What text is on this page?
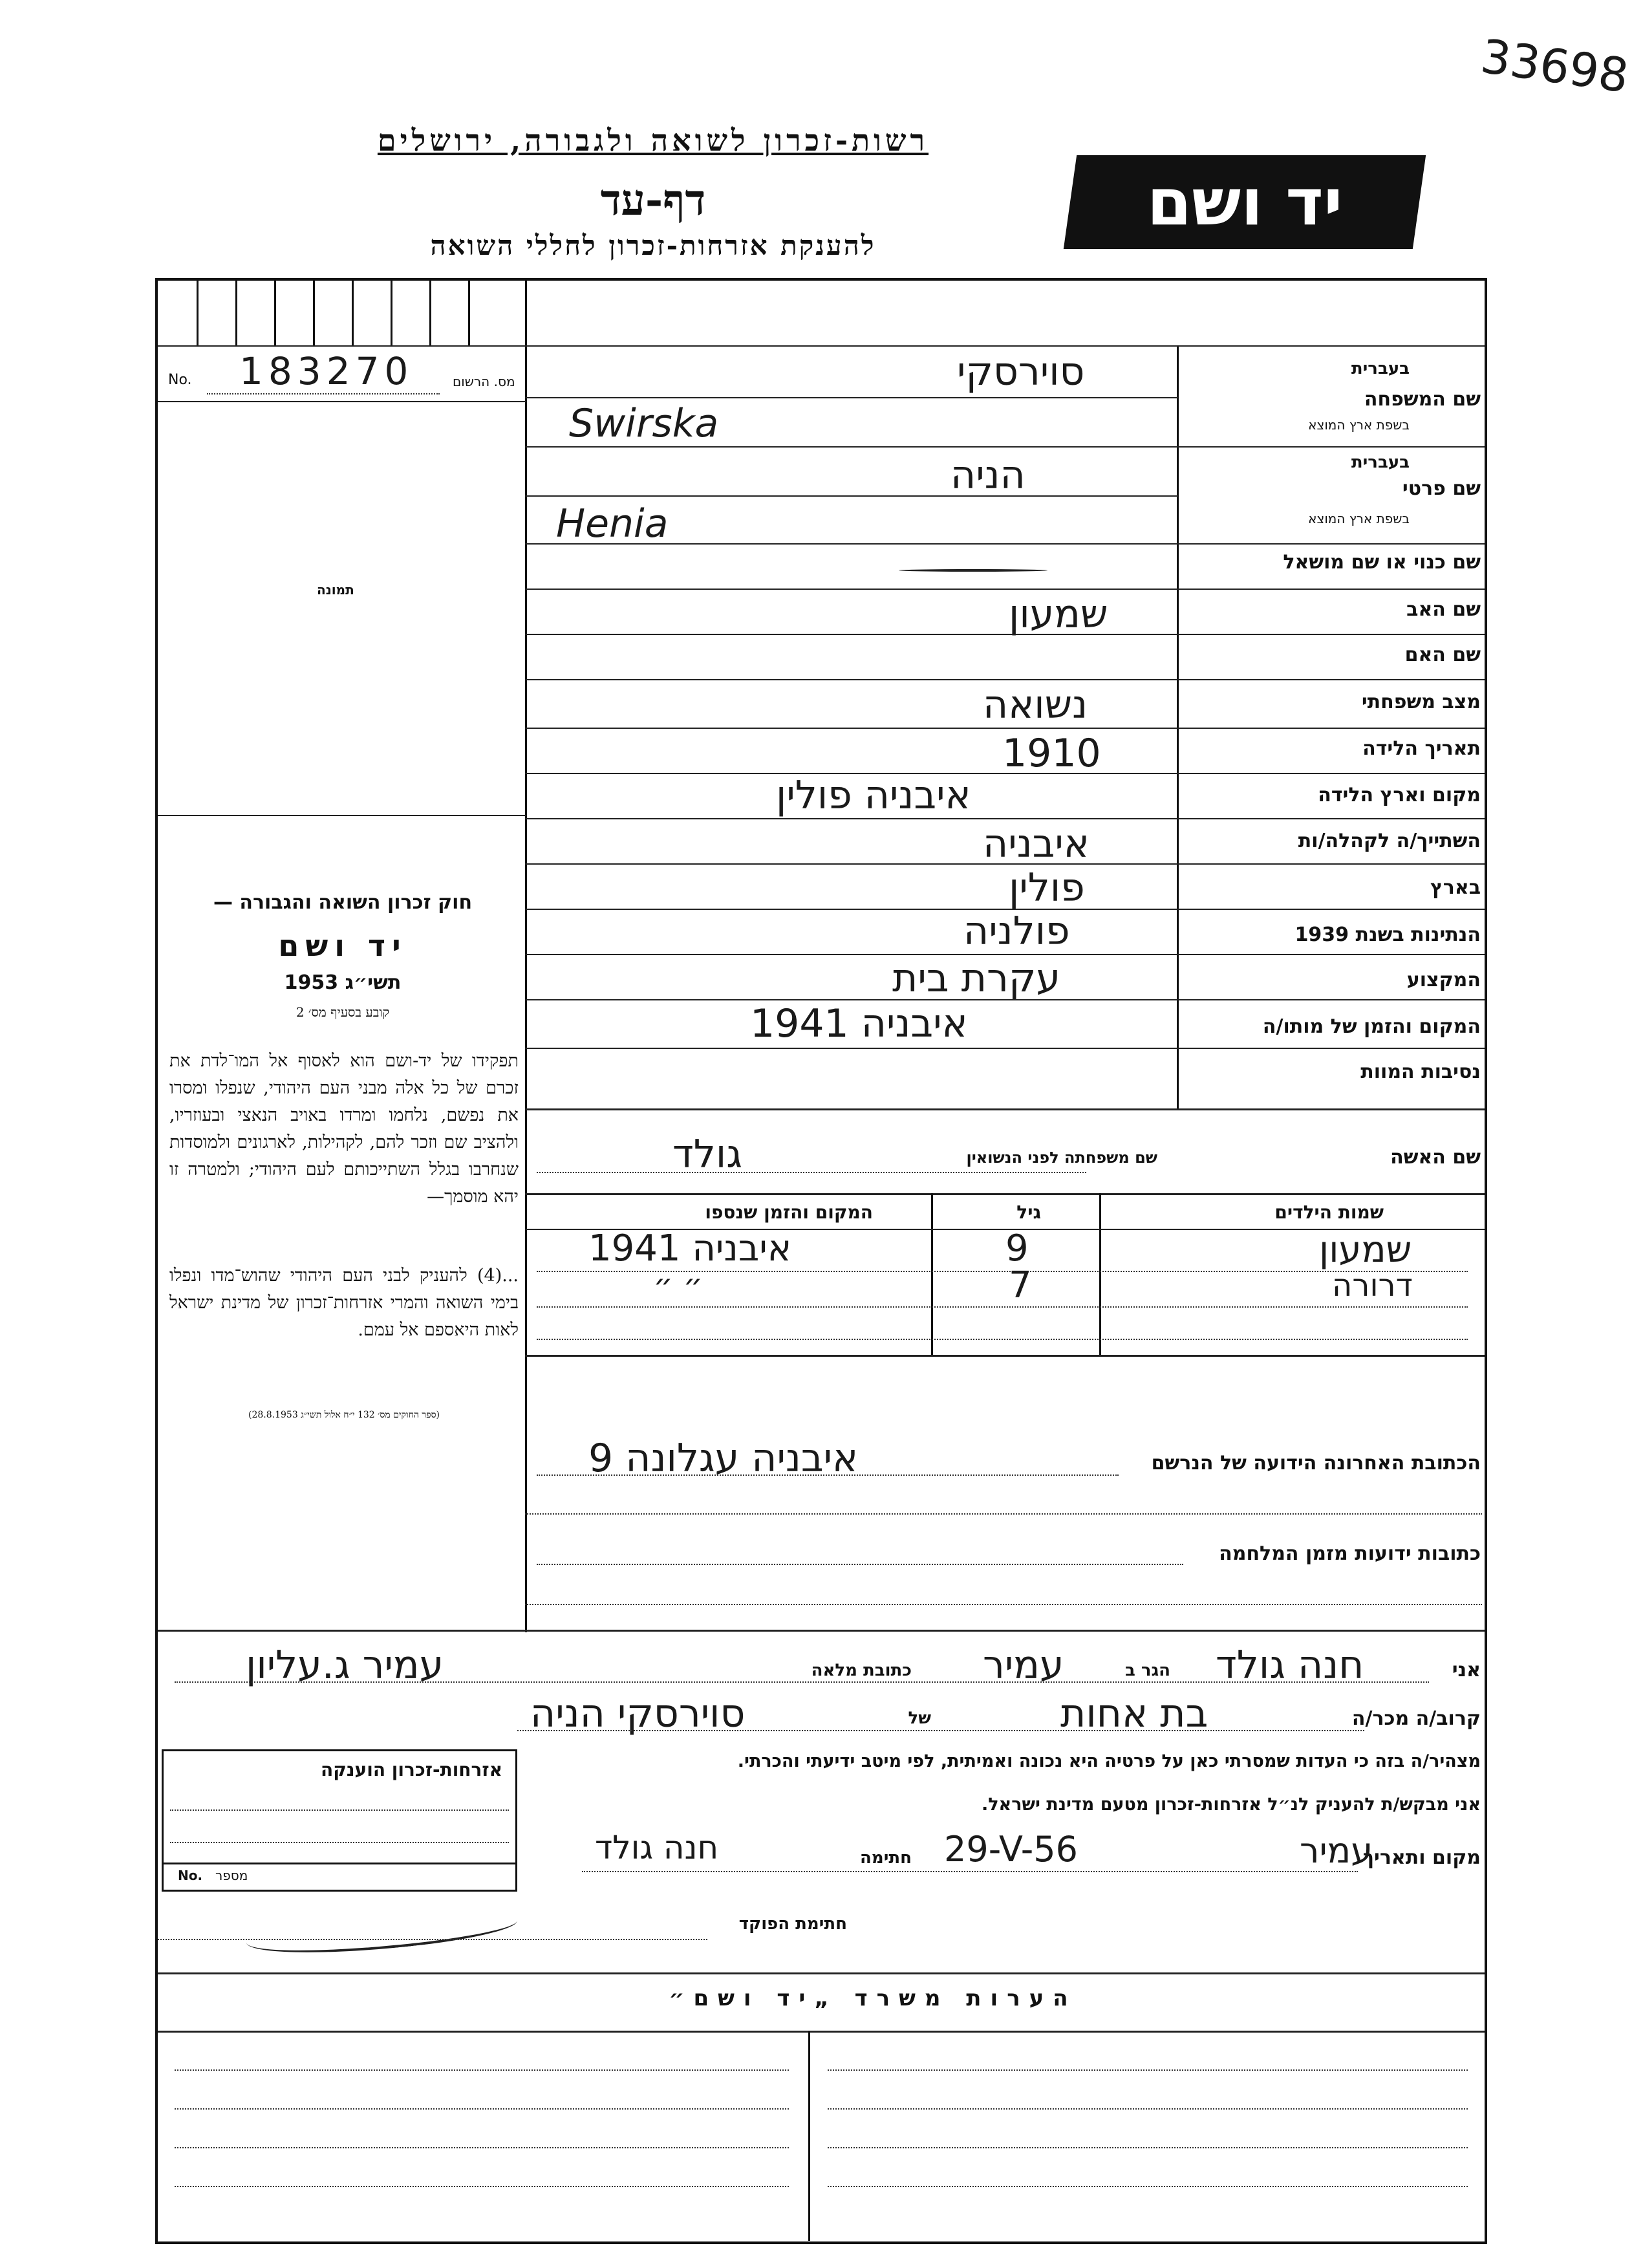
33698
רשות-זכרון לשואה ולגבורה, ירושלים
דף-עד
להענקת אזרחות-זכרון לחללי השואה
יד ושם
מס. הרשום
No. 183270
תמונה
שם המשפחה
בעברית
בשפת ארץ המוצא
סוירסקי
Swirska
שם פרטי
בעברית
בשפת ארץ המוצא
הניה
Henia
שם כנוי או שם מושאל
שם האב
שמעון
שם האם
מצב משפחתי
נשואה
תאריך הלידה
1910
מקום וארץ הלידה
איבניה פולין
השתייך/ה לקהלה/ות
איבניה
בארץ
פולין
הנתינות בשנת 1939
פולניה
המקצוע
עקרת בית
המקום והזמן של מותו/ה
איבניה 1941
נסיבות המוות
שם האשה
שם משפחתה לפני הנשואין
גולד
שמות הילדים
גיל
המקום והזמן שנספו
שמעון
9
איבניה 1941
דרורה
7
״ ״
הכתובת האחרונה הידועה של הנרשם
איבניה עגלונה 9
כתובות ידועות מזמן המלחמה
חוק זכרון השואה והגבורה —
יד ושם
תשי״ג 1953
קובע בסעיף מס׳ 2
תפקידו של יד-ושם הוא לאסוף אל המו־לדת את זכרם של כל אלה מבני העם היהודי, שנפלו ומסרו את נפשם, נלחמו ומרדו באויב הנאצי ובעוזריו, ולהציב שם וזכר להם, לקהילות, לארגונים ולמוסדות שנחרבו בגלל השתייכותם לעם היהודי; ולמטרה זו יהא מוסמך—
...(4) להעניק לבני העם היהודי שהוש־מדו ונפלו בימי השואה והמרי אזרחות־זכרון של מדינת ישראל לאות היאספם אל עמם.
(ספר החוקים מס׳ 132 י״ח אלול תשי״ג 28.8.1953)
אני
חנה גולד
הגר ב
עמיר
כתובת מלאה
עמיר ג.עליון
קרוב/ה מכר/ה
בת אחות
של
סוירסקי הניה
מצהיר/ה בזה כי העדות שמסרתי כאן על פרטיה היא נכונה ואמיתית, לפי מיטב ידיעתי והכרתי.
אני מבקש/ת להעניק לנ״ל אזרחות-זכרון מטעם מדינת ישראל.
מקום ותאריך
עמיר
29-V-56
חתימה
חנה גולד
חתימת הפוקד
אזרחות-זכרון הוענקה
מספר
No.
הערות משרד „יד ושם״
